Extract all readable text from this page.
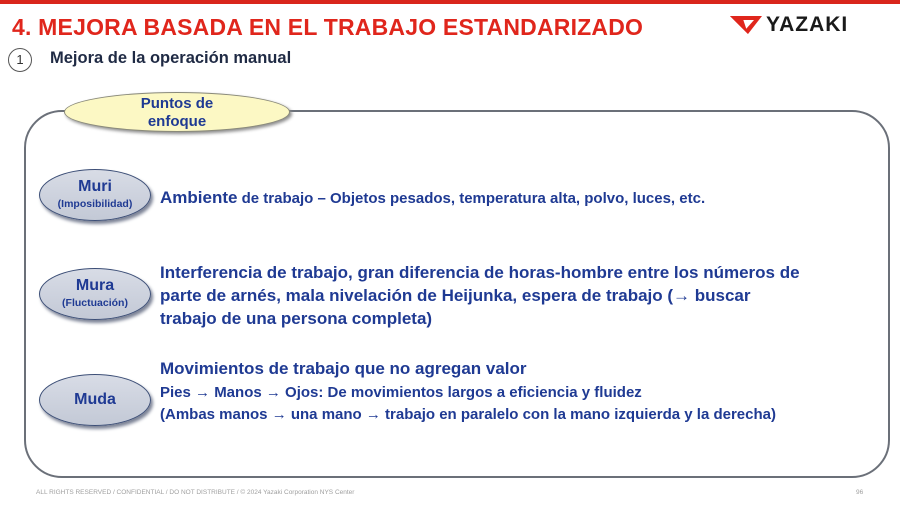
4. MEJORA BASADA EN EL TRABAJO ESTANDARIZADO	YAZAKI
1	Mejora de la operación manual
Puntos de
enfoque
Muri
(Imposibilidad)	Ambiente de trabajo – Objetos pesados, temperatura alta, polvo, luces, etc.
Mura
(Fluctuación)
Interferencia de trabajo, gran diferencia de horas-hombre entre los números de
parte de arnés, mala nivelación de Heijunka, espera de trabajo (→ buscar
trabajo de una persona completa)
Muda
Movimientos de trabajo que no agregan valor
Pies → Manos → Ojos: De movimientos largos a eficiencia y fluidez
(Ambas manos → una mano → trabajo en paralelo con la mano izquierda y la derecha)
ALL RIGHTS RESERVED / CONFIDENTIAL / DO NOT DISTRIBUTE / © 2024 Yazaki Corporation NYS Center	96
